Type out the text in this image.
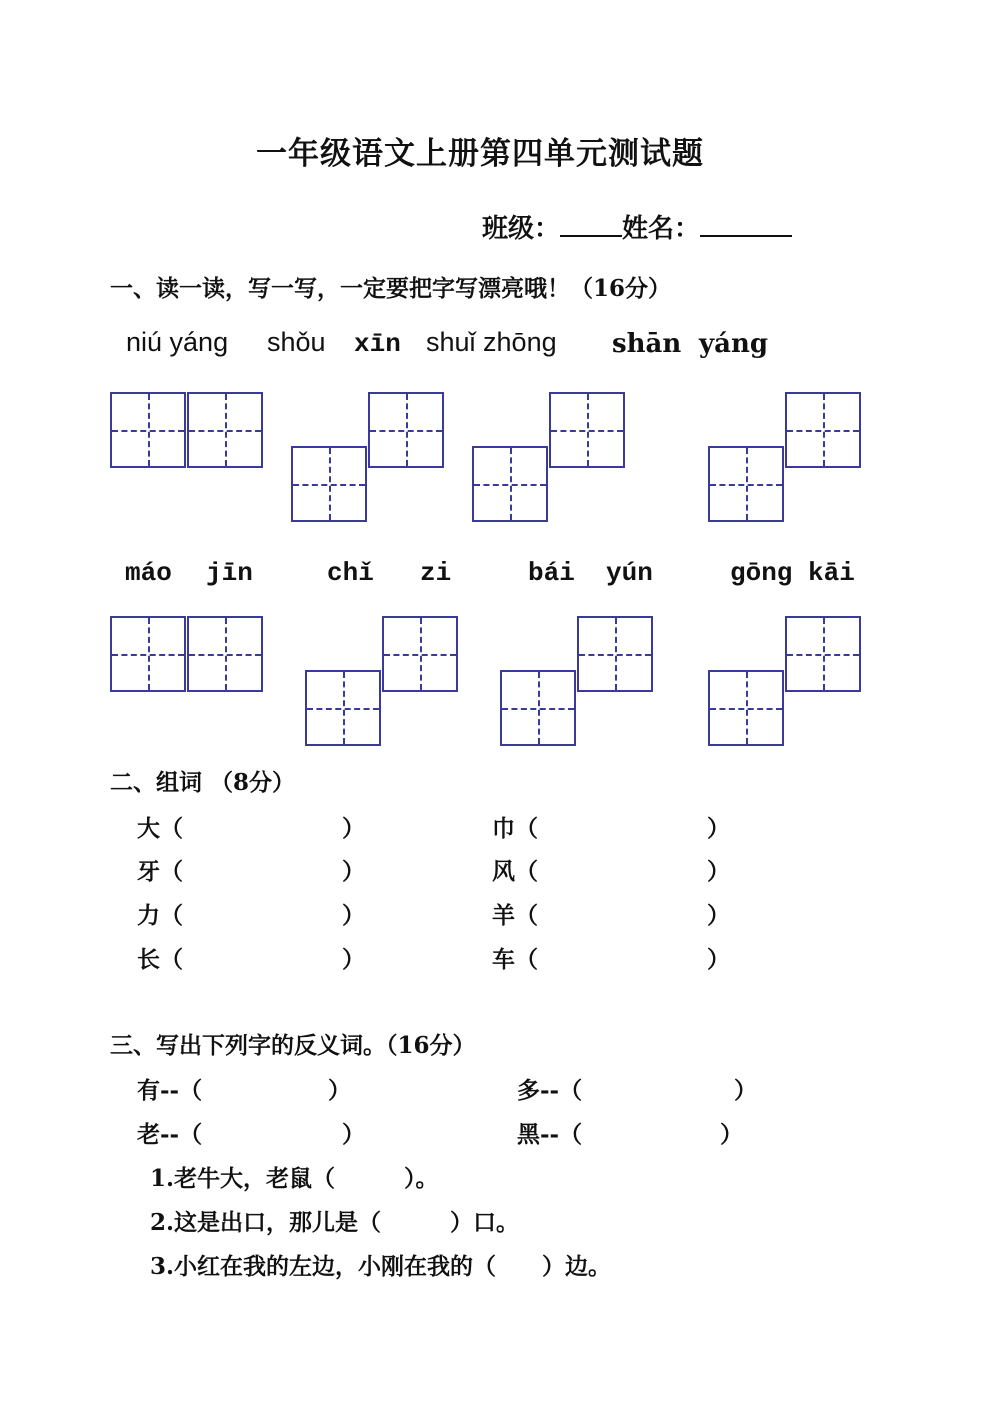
一年级语文上册第四单元测试题
班级： 姓名：
一、读一读，写一写，一定要把字写漂亮哦！（16分）
niú yáng shǒu xīn shuǐ zhōng shān yáng
máo jīn	chǐ zi	bái yún	gōng kāi
二、组词 （8分）
大（	）	巾（	）
牙（	）	风（	）
力（	）	羊（	）
长（	）	车（	）
三、写出下列字的反义词。（16分）
有--（	）	多--（	）
老--（	）	黑--（	）
1.老牛大，老鼠（　　　）。
2.这是出口，那儿是（　　　）口。
3.小红在我的左边，小刚在我的（　　）边。
